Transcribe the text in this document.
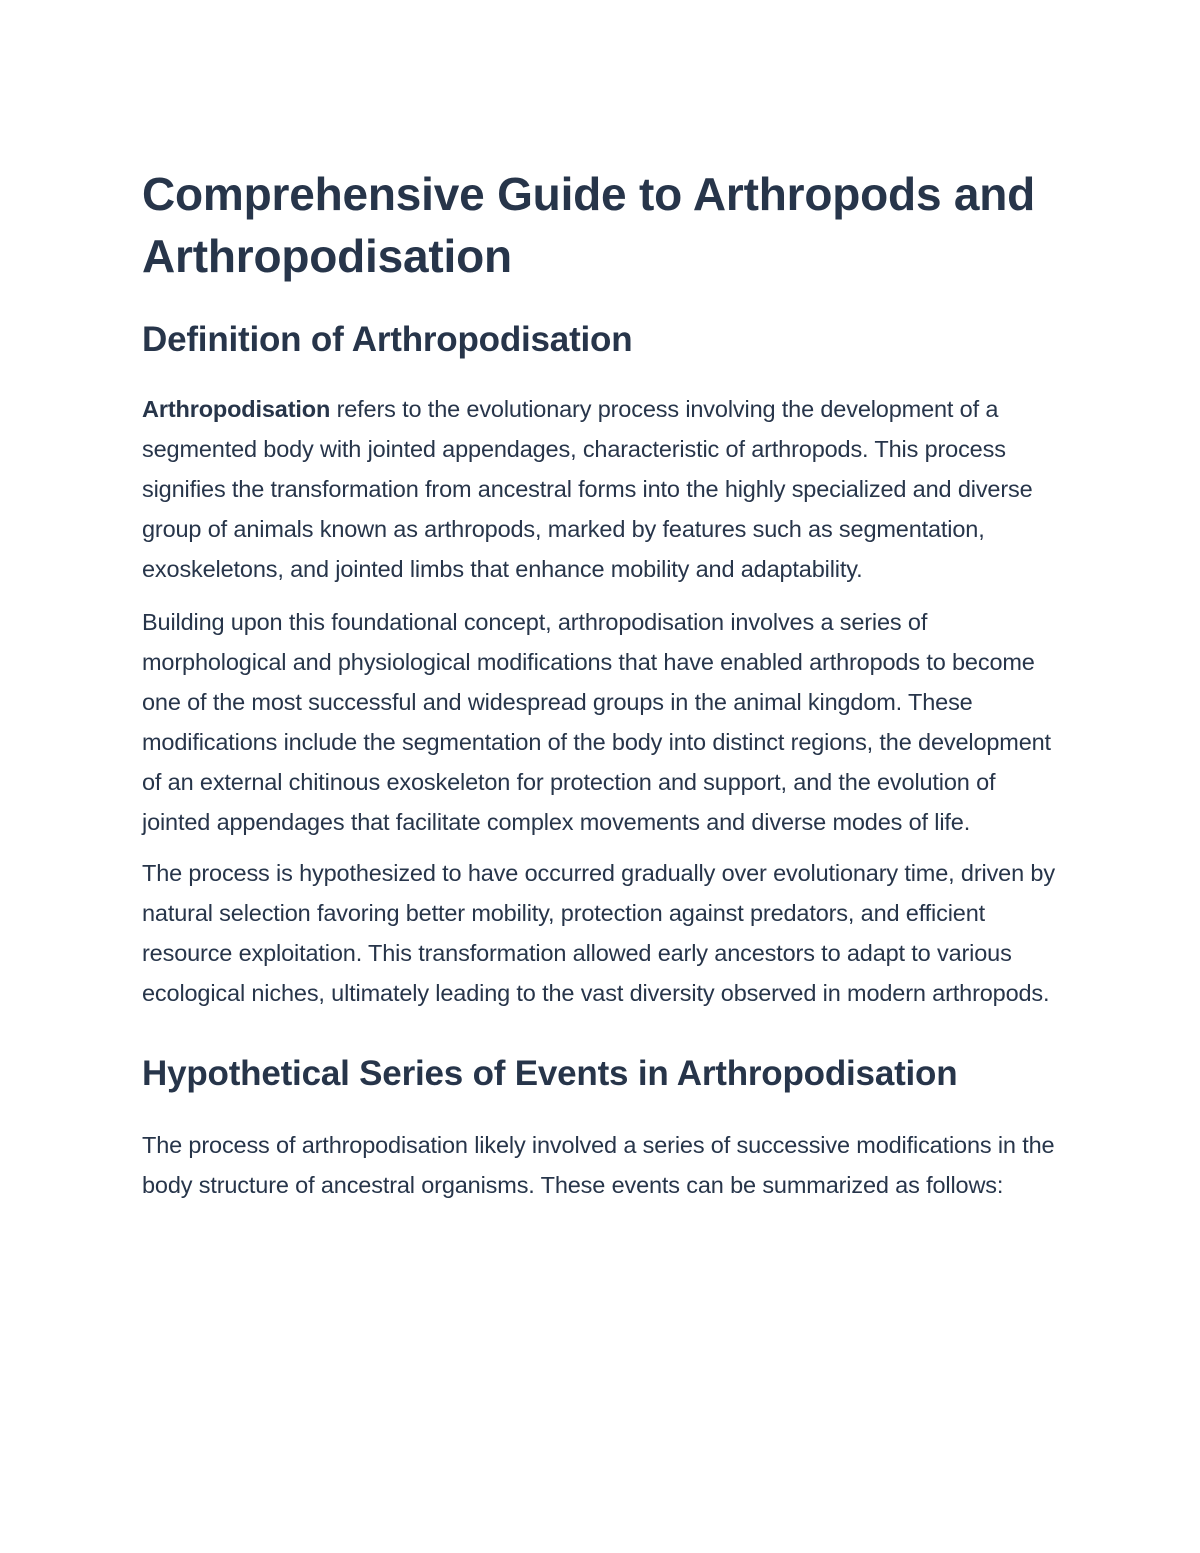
Comprehensive Guide to Arthropods and Arthropodisation
Definition of Arthropodisation

Arthropodisation refers to the evolutionary process involving the development of a segmented body with jointed appendages, characteristic of arthropods. This process signifies the transformation from ancestral forms into the highly specialized and diverse group of animals known as arthropods, marked by features such as segmentation, exoskeletons, and jointed limbs that enhance mobility and adaptability.

Building upon this foundational concept, arthropodisation involves a series of morphological and physiological modifications that have enabled arthropods to become one of the most successful and widespread groups in the animal kingdom. These modifications include the segmentation of the body into distinct regions, the development of an external chitinous exoskeleton for protection and support, and the evolution of jointed appendages that facilitate complex movements and diverse modes of life.

The process is hypothesized to have occurred gradually over evolutionary time, driven by natural selection favoring better mobility, protection against predators, and efficient resource exploitation. This transformation allowed early ancestors to adapt to various ecological niches, ultimately leading to the vast diversity observed in modern arthropods.

Hypothetical Series of Events in Arthropodisation

The process of arthropodisation likely involved a series of successive modifications in the body structure of ancestral organisms. These events can be summarized as follows:
